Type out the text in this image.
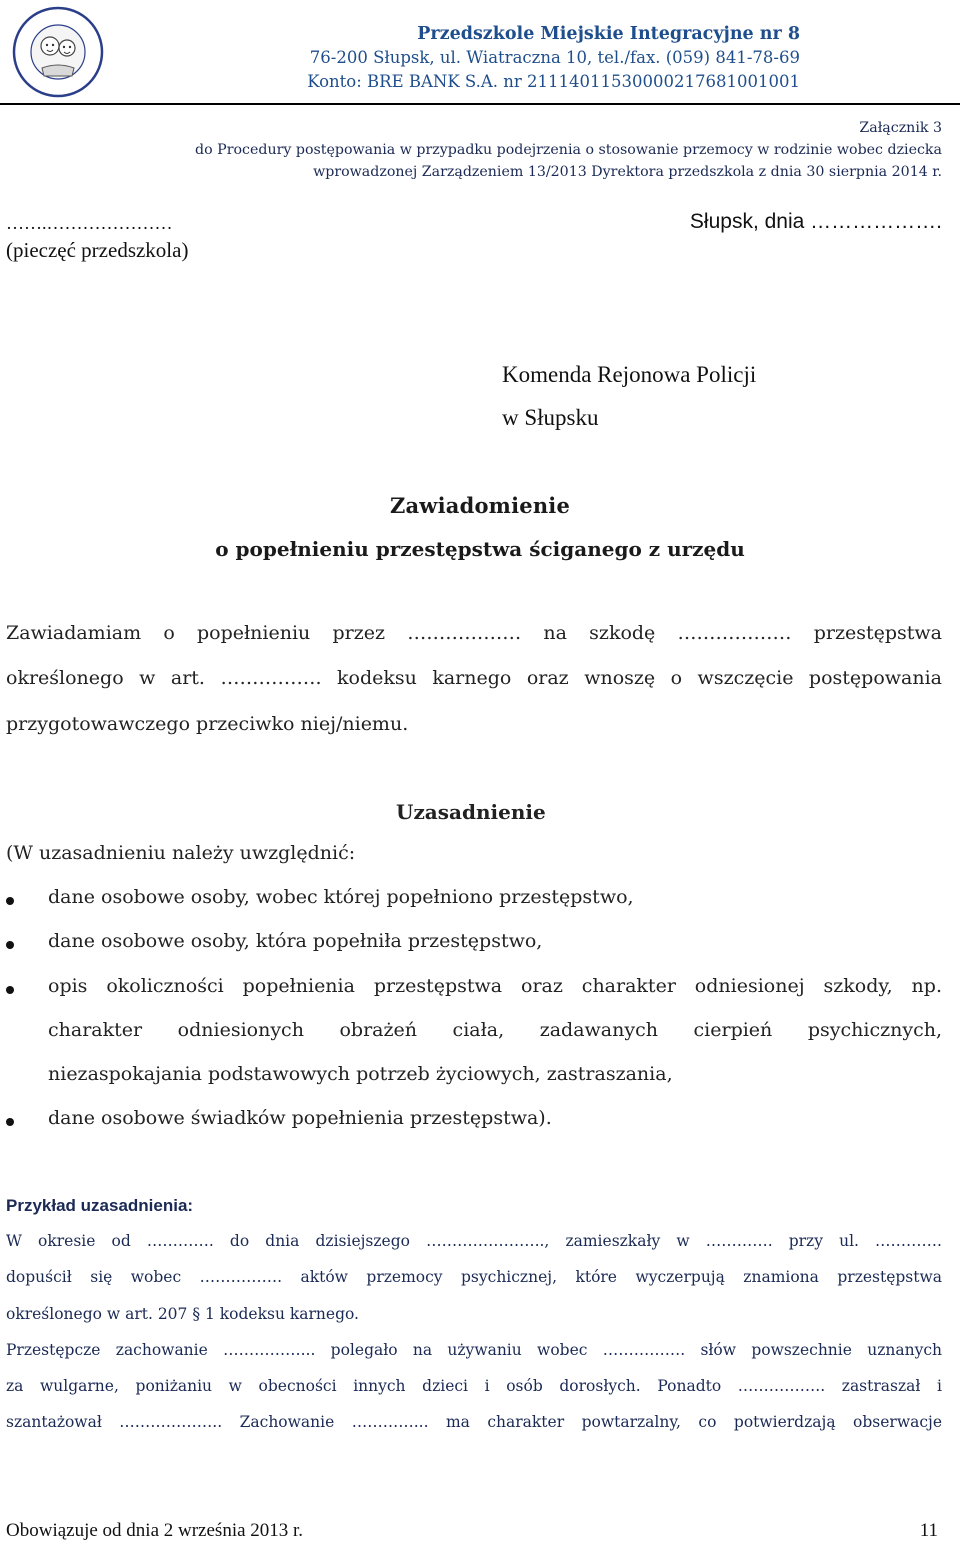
Przedszkole Miejskie Integracyjne nr 8
76-200 Słupsk, ul. Wiatraczna 10, tel./fax. (059) 841-78-69
Konto: BRE BANK S.A. nr 21114011530000217681001001
Załącznik 3
do Procedury postępowania w przypadku podejrzenia o stosowanie przemocy w rodzinie wobec dziecka
wprowadzonej Zarządzeniem 13/2013 Dyrektora przedszkola z dnia 30 sierpnia 2014 r.
…….…………………
(pieczęć przedszkola)
Słupsk, dnia ……………….
Komenda Rejonowa Policji
w Słupsku
Zawiadomienie
o popełnieniu przestępstwa ściganego z urzędu
Zawiadamiam o popełnieniu przez ……………… na szkodę ……………… przestępstwa
określonego w art. ……………. kodeksu karnego oraz wnoszę o wszczęcie postępowania
przygotowawczego przeciwko niej/niemu.
Uzasadnienie
(W uzasadnieniu należy uwzględnić:
dane osobowe osoby, wobec której popełniono przestępstwo,
dane osobowe osoby, która popełniła przestępstwo,
opis okoliczności popełnienia przestępstwa oraz charakter odniesionej szkody, np.
charakter odniesionych obrażeń ciała, zadawanych cierpień psychicznych,
niezaspokajania podstawowych potrzeb życiowych, zastraszania,
dane osobowe świadków popełnienia przestępstwa).
Przykład uzasadnienia:
W okresie od …………. do dnia dzisiejszego ………………….., zamieszkały w …………. przy ul. ………….
dopuścił się wobec ……………. aktów przemocy psychicznej, które wyczerpują znamiona przestępstwa
określonego w art. 207 § 1 kodeksu karnego.
Przestępcze zachowanie ……………... polegało na używaniu wobec ……………. słów powszechnie uznanych
za wulgarne, poniżaniu w obecności innych dzieci i osób dorosłych. Ponadto …………….. zastraszał i
szantażował ……………….. Zachowanie …………... ma charakter powtarzalny, co potwierdzają obserwacje
Obowiązuje od dnia 2 września 2013 r.	11
